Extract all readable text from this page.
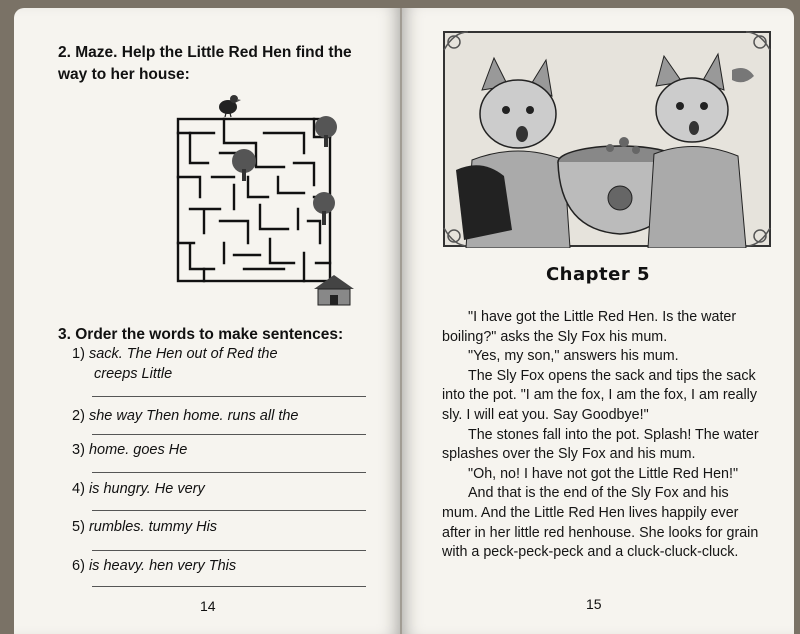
2. Maze. Help the Little Red Hen find the
way to her house:
3. Order the words to make sentences:
1) sack. The Hen out of Red the
creeps Little
2) she way Then home. runs all the
3) home. goes He
4) is hungry. He very
5) rumbles. tummy His
6) is heavy. hen very This
14
Chapter 5

"I have got the Little Red Hen. Is the water boiling?" asks the Sly Fox his mum.

"Yes, my son," answers his mum.

The Sly Fox opens the sack and tips the sack into the pot. "I am the fox, I am the fox, I am really sly. I will eat you. Say Goodbye!"

The stones fall into the pot. Splash! The water splashes over the Sly Fox and his mum.

"Oh, no! I have not got the Little Red Hen!"

And that is the end of the Sly Fox and his mum. And the Little Red Hen lives happily ever after in her little red henhouse. She looks for grain with a peck-peck-peck and a cluck-cluck-cluck.

15
